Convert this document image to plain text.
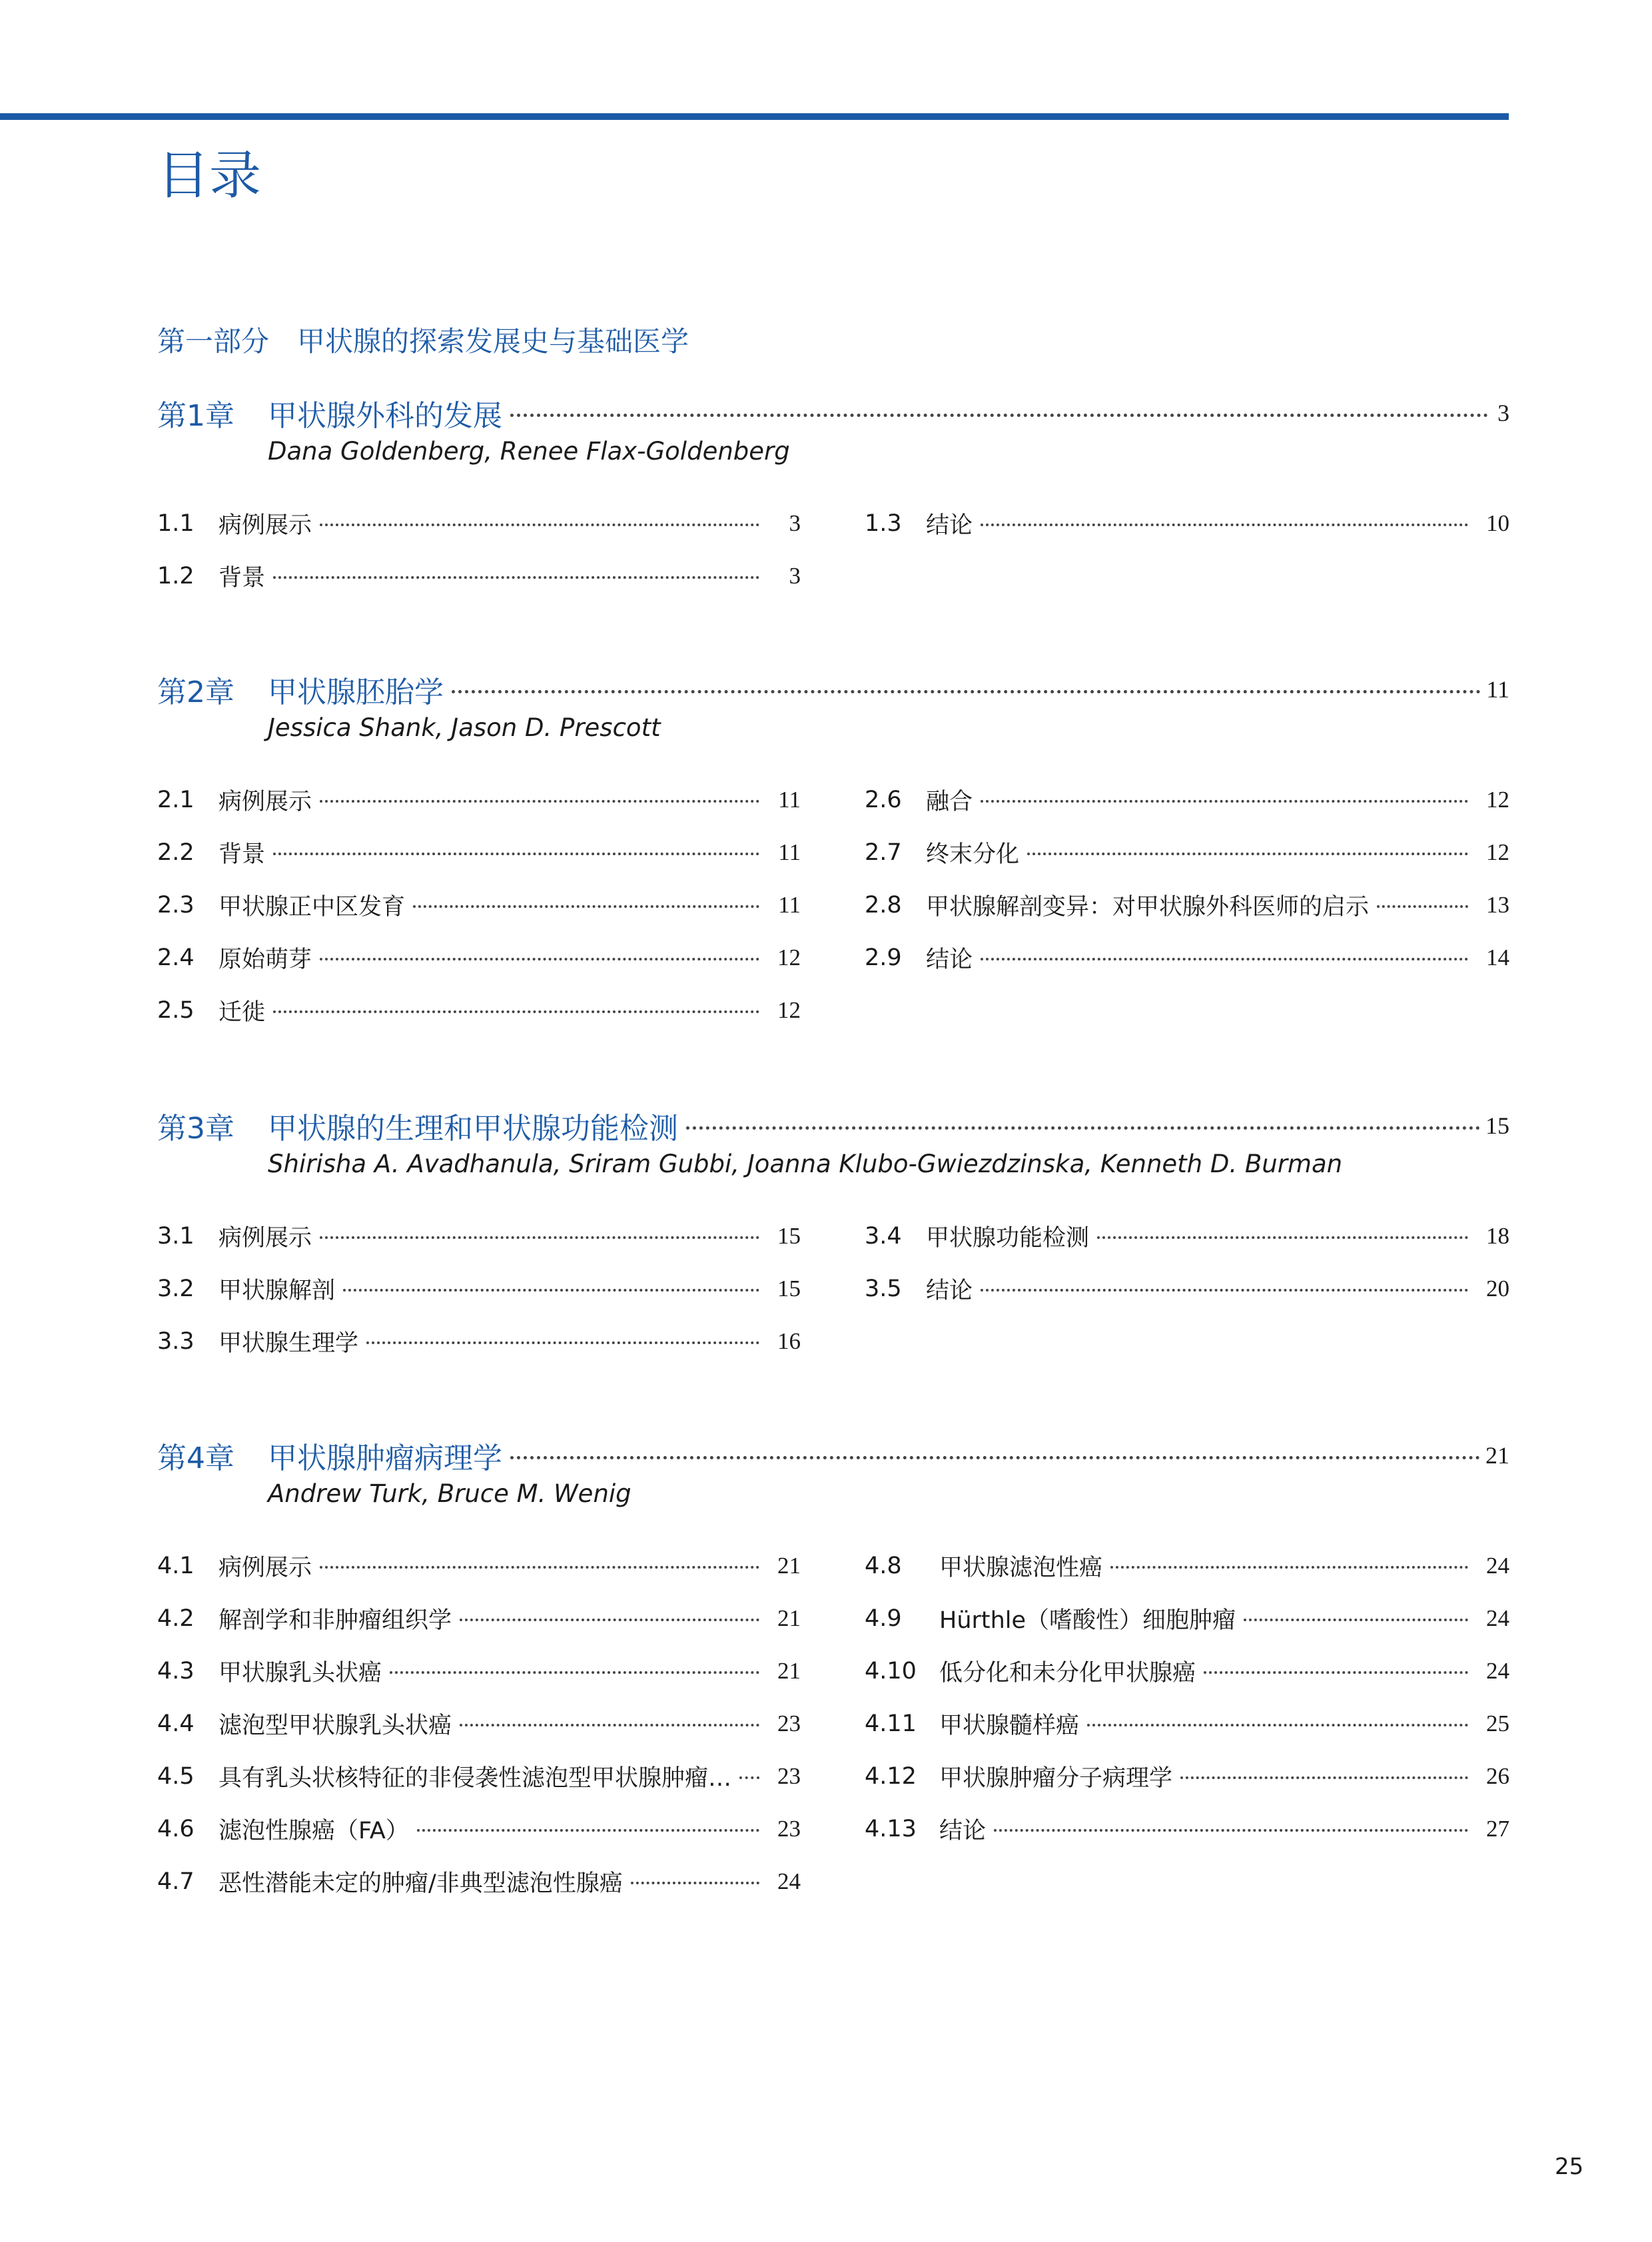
目录
第一部分　甲状腺的探索发展史与基础医学
第1章	甲状腺外科的发展	3
Dana Goldenberg, Renee Flax-Goldenberg
1.1	病例展示	3
1.2	背景	3
1.3	结论	10
第2章	甲状腺胚胎学	11
Jessica Shank, Jason D. Prescott
2.1	病例展示	11
2.2	背景	11
2.3	甲状腺正中区发育	11
2.4	原始萌芽	12
2.5	迁徙	12
2.6	融合	12
2.7	终末分化	12
2.8	甲状腺解剖变异：对甲状腺外科医师的启示	13
2.9	结论	14
第3章	甲状腺的生理和甲状腺功能检测	15
Shirisha A. Avadhanula, Sriram Gubbi, Joanna Klubo-Gwiezdzinska, Kenneth D. Burman
3.1	病例展示	15
3.2	甲状腺解剖	15
3.3	甲状腺生理学	16
3.4	甲状腺功能检测	18
3.5	结论	20
第4章	甲状腺肿瘤病理学	21
Andrew Turk, Bruce M. Wenig
4.1	病例展示	21
4.2	解剖学和非肿瘤组织学	21
4.3	甲状腺乳头状癌	21
4.4	滤泡型甲状腺乳头状癌	23
4.5	具有乳头状核特征的非侵袭性滤泡型甲状腺肿瘤…	23
4.6	滤泡性腺癌（FA）	23
4.7	恶性潜能未定的肿瘤/非典型滤泡性腺癌	24
4.8	甲状腺滤泡性癌	24
4.9	Hürthle（嗜酸性）细胞肿瘤	24
4.10 低分化和未分化甲状腺癌	24
4.11 甲状腺髓样癌	25
4.12 甲状腺肿瘤分子病理学	26
4.13 结论	27
25
